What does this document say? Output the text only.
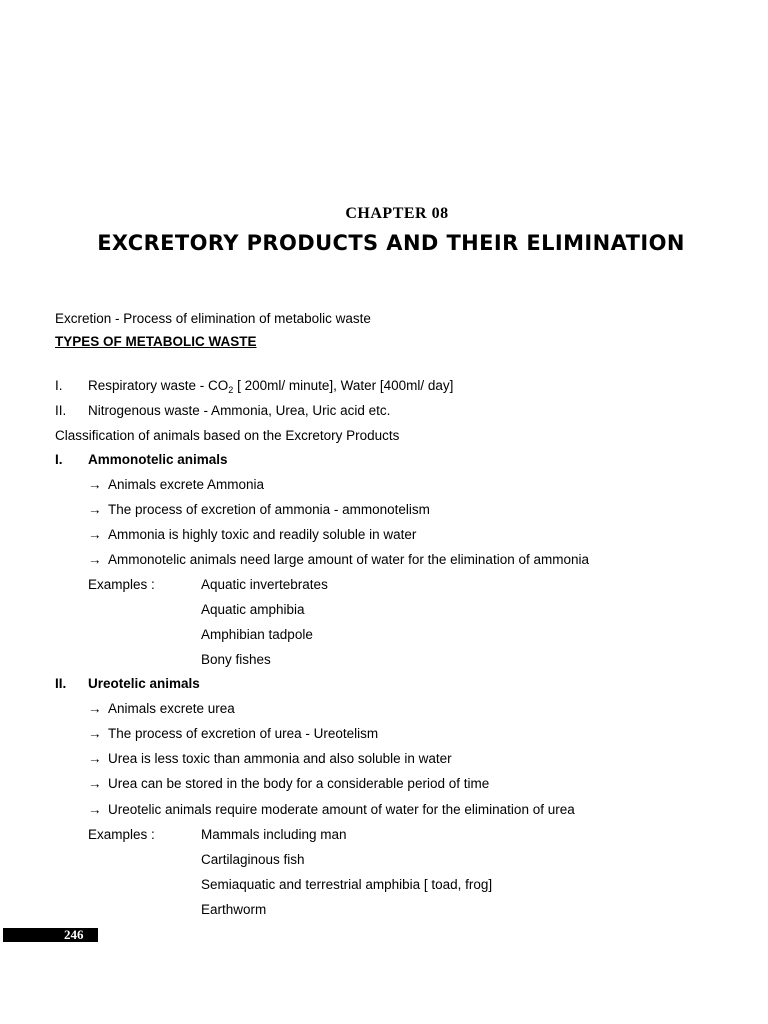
CHAPTER 08
EXCRETORY PRODUCTS AND THEIR ELIMINATION
Excretion - Process of elimination of metabolic waste
TYPES OF METABOLIC WASTE
I. Respiratory waste - $CO_2$ [ 200ml/ minute], Water [400ml/ day]
II. Nitrogenous waste - Ammonia, Urea, Uric acid etc.
Classification of animals based on the Excretory Products
I. Ammonotelic animals
→ Animals excrete Ammonia
→ The process of excretion of ammonia - ammonotelism
→ Ammonia is highly toxic and readily soluble in water
→ Ammonotelic animals need large amount of water for the elimination of ammonia
Examples :	Aquatic invertebrates
Aquatic amphibia
Amphibian tadpole
Bony fishes
II. Ureotelic animals
→ Animals excrete urea
→ The process of excretion of urea - Ureotelism
→ Urea is less toxic than ammonia and also soluble in water
→ Urea can be stored in the body for a considerable period of time
→ Ureotelic animals require moderate amount of water for the elimination of urea
Examples :	Mammals including man
Cartilaginous fish
Semiaquatic and terrestrial amphibia [ toad, frog]
Earthworm
246
